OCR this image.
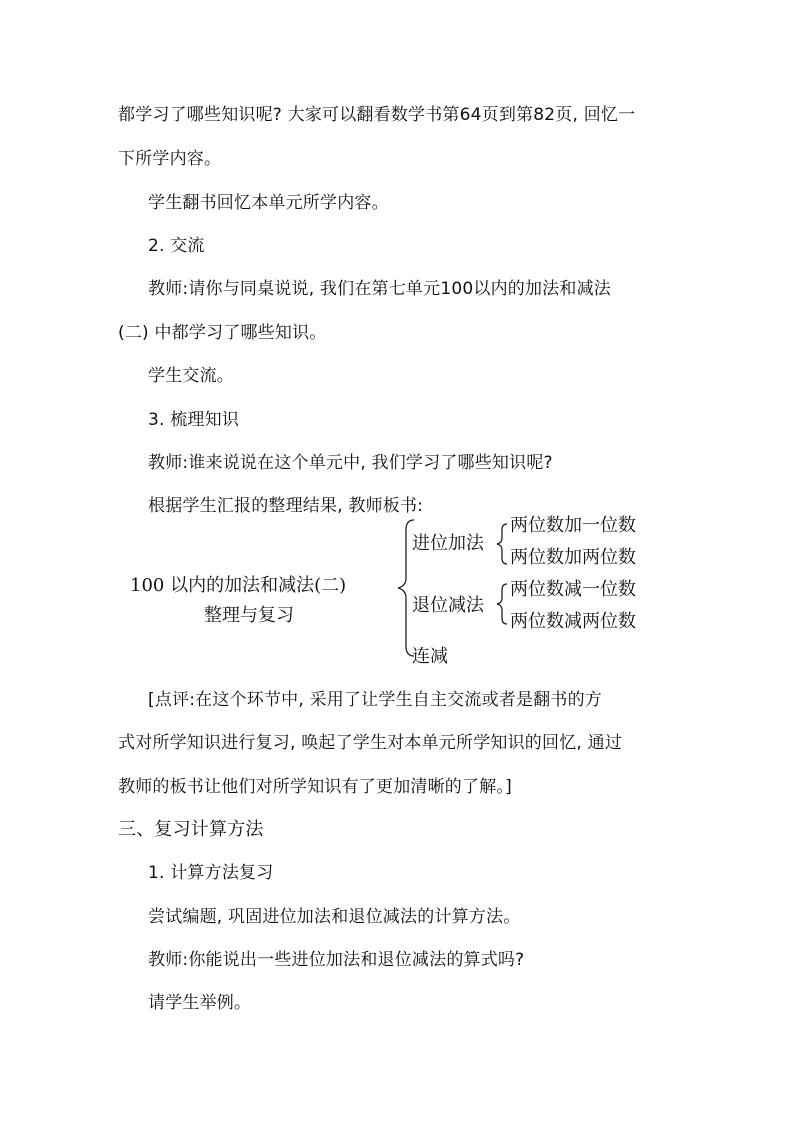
都学习了哪些知识呢? 大家可以翻看数学书第64页到第82页, 回忆一
下所学内容。
学生翻书回忆本单元所学内容。
2. 交流
教师:请你与同桌说说, 我们在第七单元100以内的加法和减法
(二) 中都学习了哪些知识。
学生交流。
3. 梳理知识
教师:谁来说说在这个单元中, 我们学习了哪些知识呢?
根据学生汇报的整理结果, 教师板书:
100 以内的加法和减法(二)
整理与复习
进位加法
退位减法
连减
两位数加一位数
两位数加两位数
两位数减一位数
两位数减两位数
[点评:在这个环节中, 采用了让学生自主交流或者是翻书的方
式对所学知识进行复习, 唤起了学生对本单元所学知识的回忆, 通过
教师的板书让他们对所学知识有了更加清晰的了解。]
三、复习计算方法
1. 计算方法复习
尝试编题, 巩固进位加法和退位减法的计算方法。
教师:你能说出一些进位加法和退位减法的算式吗?
请学生举例。
